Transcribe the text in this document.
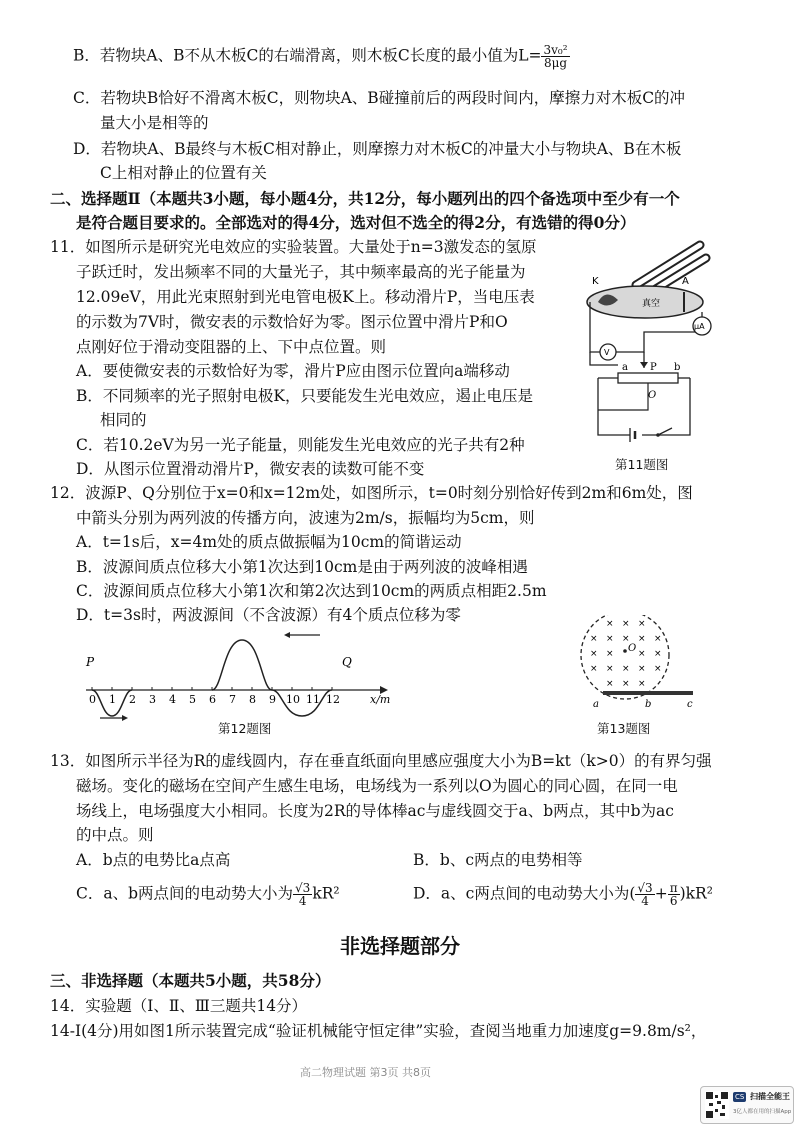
B．若物块A、B不从木板C的右端滑离，则木板C长度的最小值为$L= \frac{\text{3v₀²}}{8\mu g}$
C．若物块B恰好不滑离木板C，则物块A、B碰撞前后的两段时间内，摩擦力对木板C的冲
量大小是相等的
D．若物块A、B最终与木板C相对静止，则摩擦力对木板C的冲量大小与物块A、B在木板
C上相对静止的位置有关
二、选择题Ⅱ（本题共3小题，每小题4分，共12分，每小题列出的四个备选项中至少有一个
是符合题目要求的。全部选对的得4分，选对但不选全的得2分，有选错的得0分）
11．如图所示是研究光电效应的实验装置。大量处于n=3激发态的氢原
子跃迁时，发出频率不同的大量光子，其中频率最高的光子能量为
12.09eV，用此光束照射到光电管电极K上。移动滑片P，当电压表
的示数为7V时，微安表的示数恰好为零。图示位置中滑片P和O
点刚好位于滑动变阻器的上、下中点位置。则
A．要使微安表的示数恰好为零，滑片P应由图示位置向a端移动
B．不同频率的光子照射电极K，只要能发生光电效应，遏止电压是
相同的
C．若10.2eV为另一光子能量，则能发生光电效应的光子共有2种
D．从图示位置滑动滑片P，微安表的读数可能不变
K	A
真空
μA
V
a P b
O
第11题图
12．波源P、Q分别位于x=0和x=12m处，如图所示，t=0时刻分别恰好传到2m和6m处，图
中箭头分别为两列波的传播方向，波速为2m/s，振幅均为5cm，则
A．t=1s后，x=4m处的质点做振幅为10cm的简谐运动
B．波源间质点位移大小第1次达到10cm是由于两列波的波峰相遇
C．波源间质点位移大小第1次和第2次达到10cm的两质点相距2.5m
D．t=3s时，两波源间（不含波源）有4个质点位移为零
0 1 2 3 4 5 6 7 8 9 10 11 12	x/m
P	Q
第12题图
× × ×
× × × × ×
× ×	× ×
× × × × ×
× × ×
O
a	b	c
第13题图
13．如图所示半径为R的虚线圆内，存在垂直纸面向里感应强度大小为B=kt（k>0）的有界匀强
磁场。变化的磁场在空间产生感生电场，电场线为一系列以O为圆心的同心圆，在同一电
场线上，电场强度大小相同。长度为2R的导体棒ac与虚线圆交于a、b两点，其中b为ac
的中点。则
A．b点的电势比a点高	B．b、c两点的电势相等
C．a、b两点间的电动势大小为 $\frac{√3}{4} kR^2$	D．a、c两点间的电动势大小为( $\frac{√3}{4} + \frac{\pi}{6} )kR^2$
非选择题部分
三、非选择题（本题共5小题，共58分）
14．实验题（Ⅰ、Ⅱ、Ⅲ三题共14分）
14-Ⅰ(4分)用如图1所示装置完成“验证机械能守恒定律”实验，查阅当地重力加速度g=9.8m/s²，
高二物理试题 第3页 共8页
CS 扫描全能王
3亿人都在用的扫描App
